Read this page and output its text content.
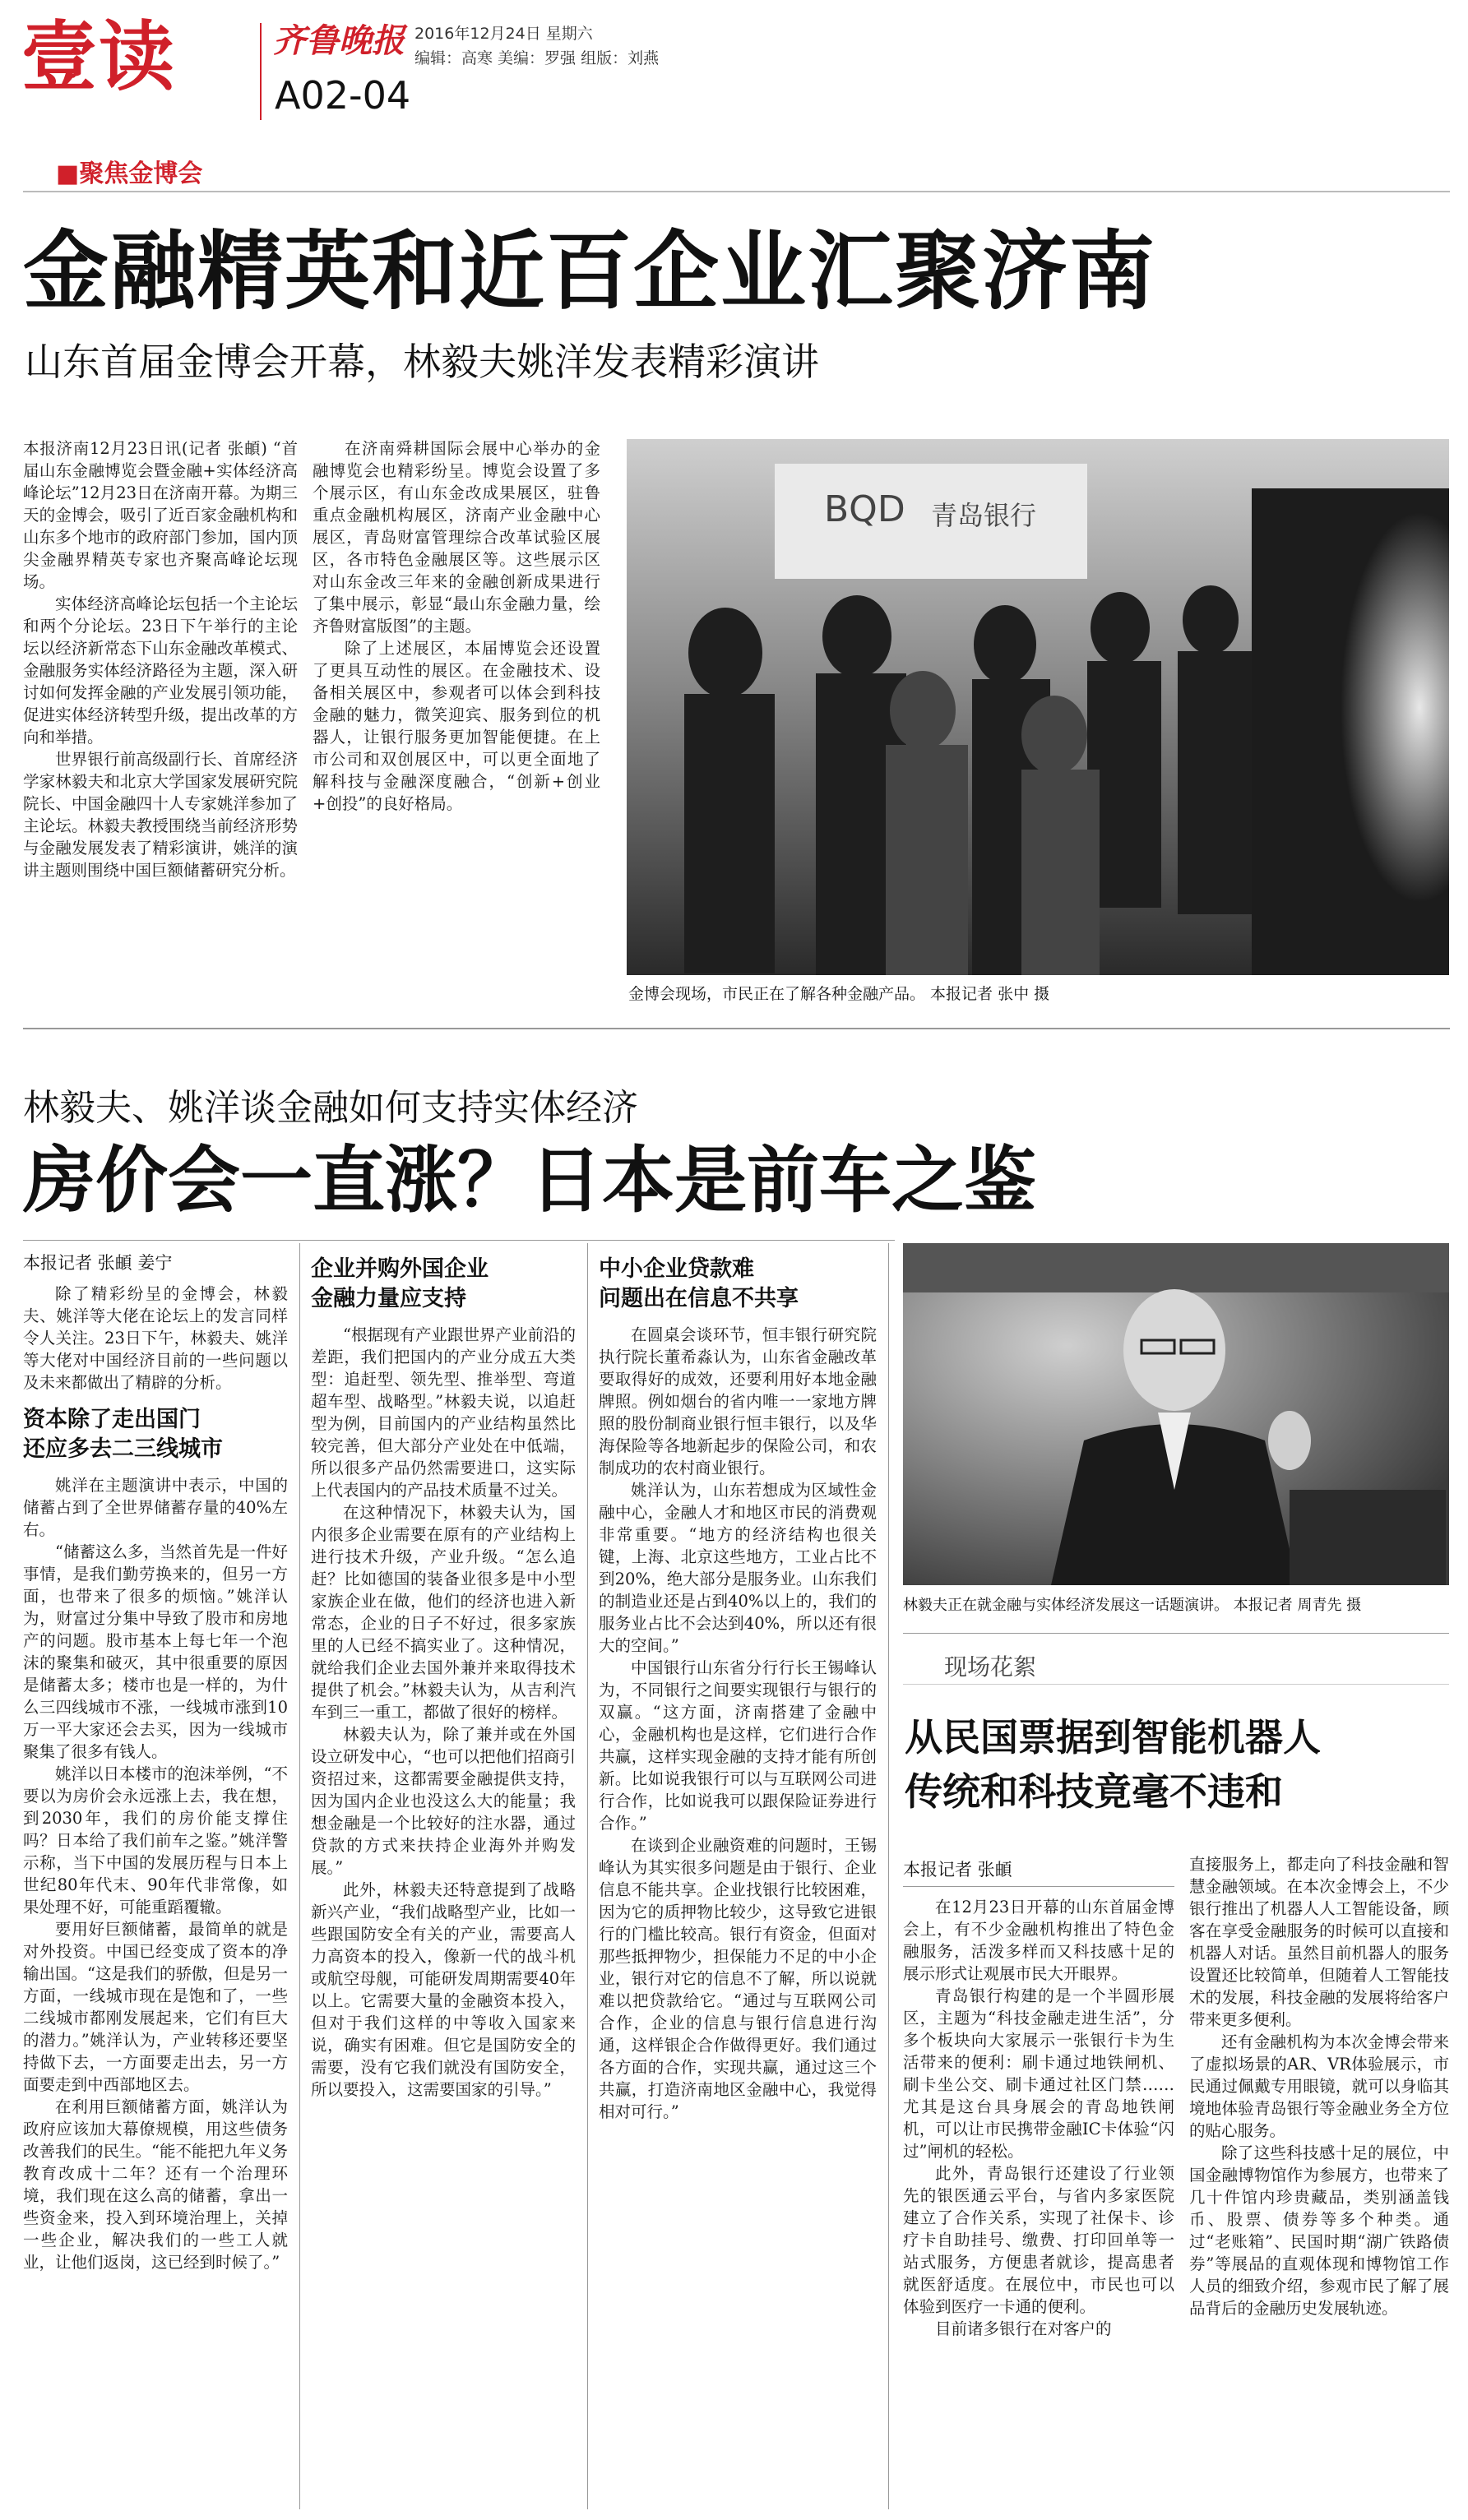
壹读	齐鲁晚报
A02-04
2016年12月24日 星期六
编辑：高寒 美编：罗强 组版：刘燕
■聚焦金博会
金融精英和近百企业汇聚济南
山东首届金博会开幕，林毅夫姚洋发表精彩演讲

本报济南12月23日讯(记者 张頔) “首届山东金融博览会暨金融+实体经济高峰论坛”12月23日在济南开幕。为期三天的金博会，吸引了近百家金融机构和山东多个地市的政府部门参加，国内顶尖金融界精英专家也齐聚高峰论坛现场。

实体经济高峰论坛包括一个主论坛和两个分论坛。23日下午举行的主论坛以经济新常态下山东金融改革模式、金融服务实体经济路径为主题，深入研讨如何发挥金融的产业发展引领功能，促进实体经济转型升级，提出改革的方向和举措。

世界银行前高级副行长、首席经济学家林毅夫和北京大学国家发展研究院院长、中国金融四十人专家姚洋参加了主论坛。林毅夫教授围绕当前经济形势与金融发展发表了精彩演讲，姚洋的演讲主题则围绕中国巨额储蓄研究分析。

在济南舜耕国际会展中心举办的金融博览会也精彩纷呈。博览会设置了多个展示区，有山东金改成果展区，驻鲁重点金融机构展区，济南产业金融中心展区，青岛财富管理综合改革试验区展区，各市特色金融展区等。这些展示区对山东金改三年来的金融创新成果进行了集中展示，彰显“最山东金融力量，绘齐鲁财富版图”的主题。

除了上述展区，本届博览会还设置了更具互动性的展区。在金融技术、设备相关展区中，参观者可以体会到科技金融的魅力，微笑迎宾、服务到位的机器人，让银行服务更加智能便捷。在上市公司和双创展区中，可以更全面地了解科技与金融深度融合，“创新+创业+创投”的良好格局。

BQD 青岛银行
金博会现场，市民正在了解各种金融产品。 本报记者 张中 摄
林毅夫、姚洋谈金融如何支持实体经济
房价会一直涨？日本是前车之鉴
本报记者 张頔 姜宁

除了精彩纷呈的金博会，林毅夫、姚洋等大佬在论坛上的发言同样令人关注。23日下午，林毅夫、姚洋等大佬对中国经济目前的一些问题以及未来都做出了精辟的分析。

资本除了走出国门
还应多去二三线城市

姚洋在主题演讲中表示，中国的储蓄占到了全世界储蓄存量的40%左右。

“储蓄这么多，当然首先是一件好事情，是我们勤劳换来的，但另一方面，也带来了很多的烦恼。”姚洋认为，财富过分集中导致了股市和房地产的问题。股市基本上每七年一个泡沫的聚集和破灭，其中很重要的原因是储蓄太多；楼市也是一样的，为什么三四线城市不涨，一线城市涨到10万一平大家还会去买，因为一线城市聚集了很多有钱人。

姚洋以日本楼市的泡沫举例，“不要以为房价会永远涨上去，我在想，到2030年，我们的房价能支撑住吗？日本给了我们前车之鉴。”姚洋警示称，当下中国的发展历程与日本上世纪80年代末、90年代非常像，如果处理不好，可能重蹈覆辙。

要用好巨额储蓄，最简单的就是对外投资。中国已经变成了资本的净输出国。“这是我们的骄傲，但是另一方面，一线城市现在是饱和了，一些二线城市都刚发展起来，它们有巨大的潜力。”姚洋认为，产业转移还要坚持做下去，一方面要走出去，另一方面要走到中西部地区去。

在利用巨额储蓄方面，姚洋认为政府应该加大幕僚规模，用这些债务改善我们的民生。“能不能把九年义务教育改成十二年？还有一个治理环境，我们现在这么高的储蓄，拿出一些资金来，投入到环境治理上，关掉一些企业，解决我们的一些工人就业，让他们返岗，这已经到时候了。”

企业并购外国企业
金融力量应支持

“根据现有产业跟世界产业前沿的差距，我们把国内的产业分成五大类型：追赶型、领先型、推举型、弯道超车型、战略型。”林毅夫说，以追赶型为例，目前国内的产业结构虽然比较完善，但大部分产业处在中低端，所以很多产品仍然需要进口，这实际上代表国内的产品技术质量不过关。

在这种情况下，林毅夫认为，国内很多企业需要在原有的产业结构上进行技术升级，产业升级。“怎么追赶？比如德国的装备业很多是中小型家族企业在做，他们的经济也进入新常态，企业的日子不好过，很多家族里的人已经不搞实业了。这种情况，就给我们企业去国外兼并来取得技术提供了机会。”林毅夫认为，从吉利汽车到三一重工，都做了很好的榜样。

林毅夫认为，除了兼并或在外国设立研发中心，“也可以把他们招商引资招过来，这都需要金融提供支持，因为国内企业也没这么大的能量；我想金融是一个比较好的注水器，通过贷款的方式来扶持企业海外并购发展。”

此外，林毅夫还特意提到了战略新兴产业，“我们战略型产业，比如一些跟国防安全有关的产业，需要高人力高资本的投入，像新一代的战斗机或航空母舰，可能研发周期需要40年以上。它需要大量的金融资本投入，但对于我们这样的中等收入国家来说，确实有困难。但它是国防安全的需要，没有它我们就没有国防安全，所以要投入，这需要国家的引导。”

中小企业贷款难
问题出在信息不共享

在圆桌会谈环节，恒丰银行研究院执行院长董希淼认为，山东省金融改革要取得好的成效，还要利用好本地金融牌照。例如烟台的省内唯一一家地方牌照的股份制商业银行恒丰银行，以及华海保险等各地新起步的保险公司，和农制成功的农村商业银行。

姚洋认为，山东若想成为区域性金融中心，金融人才和地区市民的消费观非常重要。“地方的经济结构也很关键，上海、北京这些地方，工业占比不到20%，绝大部分是服务业。山东我们的制造业还是占到40%以上的，我们的服务业占比不会达到40%，所以还有很大的空间。”

中国银行山东省分行行长王锡峰认为，不同银行之间要实现银行与银行的双赢。“这方面，济南搭建了金融中心，金融机构也是这样，它们进行合作共赢，这样实现金融的支持才能有所创新。比如说我银行可以与互联网公司进行合作，比如说我可以跟保险证券进行合作。”

在谈到企业融资难的问题时，王锡峰认为其实很多问题是由于银行、企业信息不能共享。企业找银行比较困难，因为它的质押物比较少，这导致它进银行的门槛比较高。银行有资金，但面对那些抵押物少，担保能力不足的中小企业，银行对它的信息不了解，所以说就难以把贷款给它。“通过与互联网公司合作，企业的信息与银行信息进行沟通，这样银企合作做得更好。我们通过各方面的合作，实现共赢，通过这三个共赢，打造济南地区金融中心，我觉得相对可行。”

林毅夫正在就金融与实体经济发展这一话题演讲。 本报记者 周青先 摄
现场花絮
从民国票据到智能机器人
传统和科技竟毫不违和
本报记者 张頔

在12月23日开幕的山东首届金博会上，有不少金融机构推出了特色金融服务，活泼多样而又科技感十足的展示形式让观展市民大开眼界。

青岛银行构建的是一个半圆形展区，主题为“科技金融走进生活”，分多个板块向大家展示一张银行卡为生活带来的便利：刷卡通过地铁闸机、刷卡坐公交、刷卡通过社区门禁……尤其是这台具身展会的青岛地铁闸机，可以让市民携带金融IC卡体验“闪过”闸机的轻松。

此外，青岛银行还建设了行业领先的银医通云平台，与省内多家医院建立了合作关系，实现了社保卡、诊疗卡自助挂号、缴费、打印回单等一站式服务，方便患者就诊，提高患者就医舒适度。在展位中，市民也可以体验到医疗一卡通的便利。

目前诸多银行在对客户的

直接服务上，都走向了科技金融和智慧金融领域。在本次金博会上，不少银行推出了机器人人工智能设备，顾客在享受金融服务的时候可以直接和机器人对话。虽然目前机器人的服务设置还比较简单，但随着人工智能技术的发展，科技金融的发展将给客户带来更多便利。

还有金融机构为本次金博会带来了虚拟场景的AR、VR体验展示，市民通过佩戴专用眼镜，就可以身临其境地体验青岛银行等金融业务全方位的贴心服务。

除了这些科技感十足的展位，中国金融博物馆作为参展方，也带来了几十件馆内珍贵藏品，类别涵盖钱币、股票、债券等多个种类。通过“老账箱”、民国时期“湖广铁路债券”等展品的直观体现和博物馆工作人员的细致介绍，参观市民了解了展品背后的金融历史发展轨迹。
